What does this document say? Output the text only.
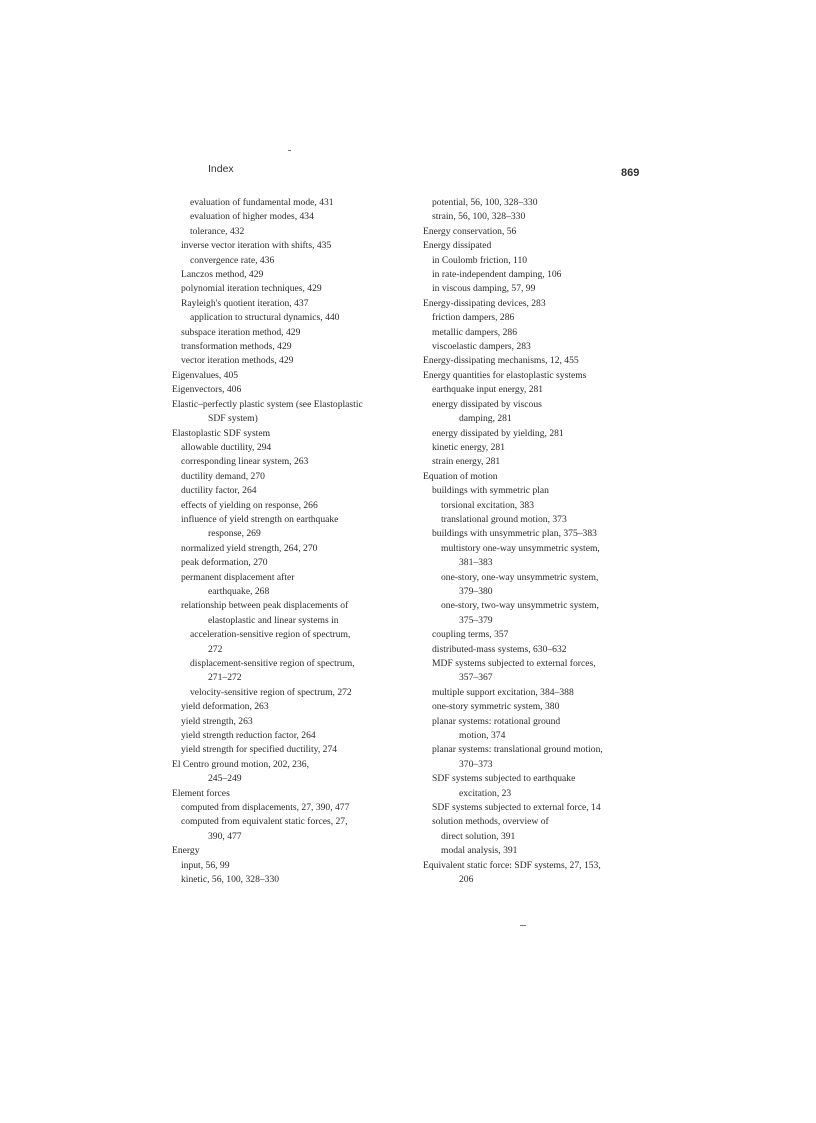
Index	869
evaluation of fundamental mode, 431
evaluation of higher modes, 434
tolerance, 432
inverse vector iteration with shifts, 435
convergence rate, 436
Lanczos method, 429
polynomial iteration techniques, 429
Rayleigh's quotient iteration, 437
application to structural dynamics, 440
subspace iteration method, 429
transformation methods, 429
vector iteration methods, 429
Eigenvalues, 405
Eigenvectors, 406
Elastic–perfectly plastic system (see Elastoplastic
SDF system)
Elastoplastic SDF system
allowable ductility, 294
corresponding linear system, 263
ductility demand, 270
ductility factor, 264
effects of yielding on response, 266
influence of yield strength on earthquake
response, 269
normalized yield strength, 264, 270
peak deformation, 270
permanent displacement after
earthquake, 268
relationship between peak displacements of
elastoplastic and linear systems in
acceleration-sensitive region of spectrum,
272
displacement-sensitive region of spectrum,
271–272
velocity-sensitive region of spectrum, 272
yield deformation, 263
yield strength, 263
yield strength reduction factor, 264
yield strength for specified ductility, 274
El Centro ground motion, 202, 236,
245–249
Element forces
computed from displacements, 27, 390, 477
computed from equivalent static forces, 27,
390, 477
Energy
input, 56, 99
kinetic, 56, 100, 328–330
potential, 56, 100, 328–330
strain, 56, 100, 328–330
Energy conservation, 56
Energy dissipated
in Coulomb friction, 110
in rate-independent damping, 106
in viscous damping, 57, 99
Energy-dissipating devices, 283
friction dampers, 286
metallic dampers, 286
viscoelastic dampers, 283
Energy-dissipating mechanisms, 12, 455
Energy quantities for elastoplastic systems
earthquake input energy, 281
energy dissipated by viscous
damping, 281
energy dissipated by yielding, 281
kinetic energy, 281
strain energy, 281
Equation of motion
buildings with symmetric plan
torsional excitation, 383
translational ground motion, 373
buildings with unsymmetric plan, 375–383
multistory one-way unsymmetric system,
381–383
one-story, one-way unsymmetric system,
379–380
one-story, two-way unsymmetric system,
375–379
coupling terms, 357
distributed-mass systems, 630–632
MDF systems subjected to external forces,
357–367
multiple support excitation, 384–388
one-story symmetric system, 380
planar systems: rotational ground
motion, 374
planar systems: translational ground motion,
370–373
SDF systems subjected to earthquake
excitation, 23
SDF systems subjected to external force, 14
solution methods, overview of
direct solution, 391
modal analysis, 391
Equivalent static force: SDF systems, 27, 153,
206
